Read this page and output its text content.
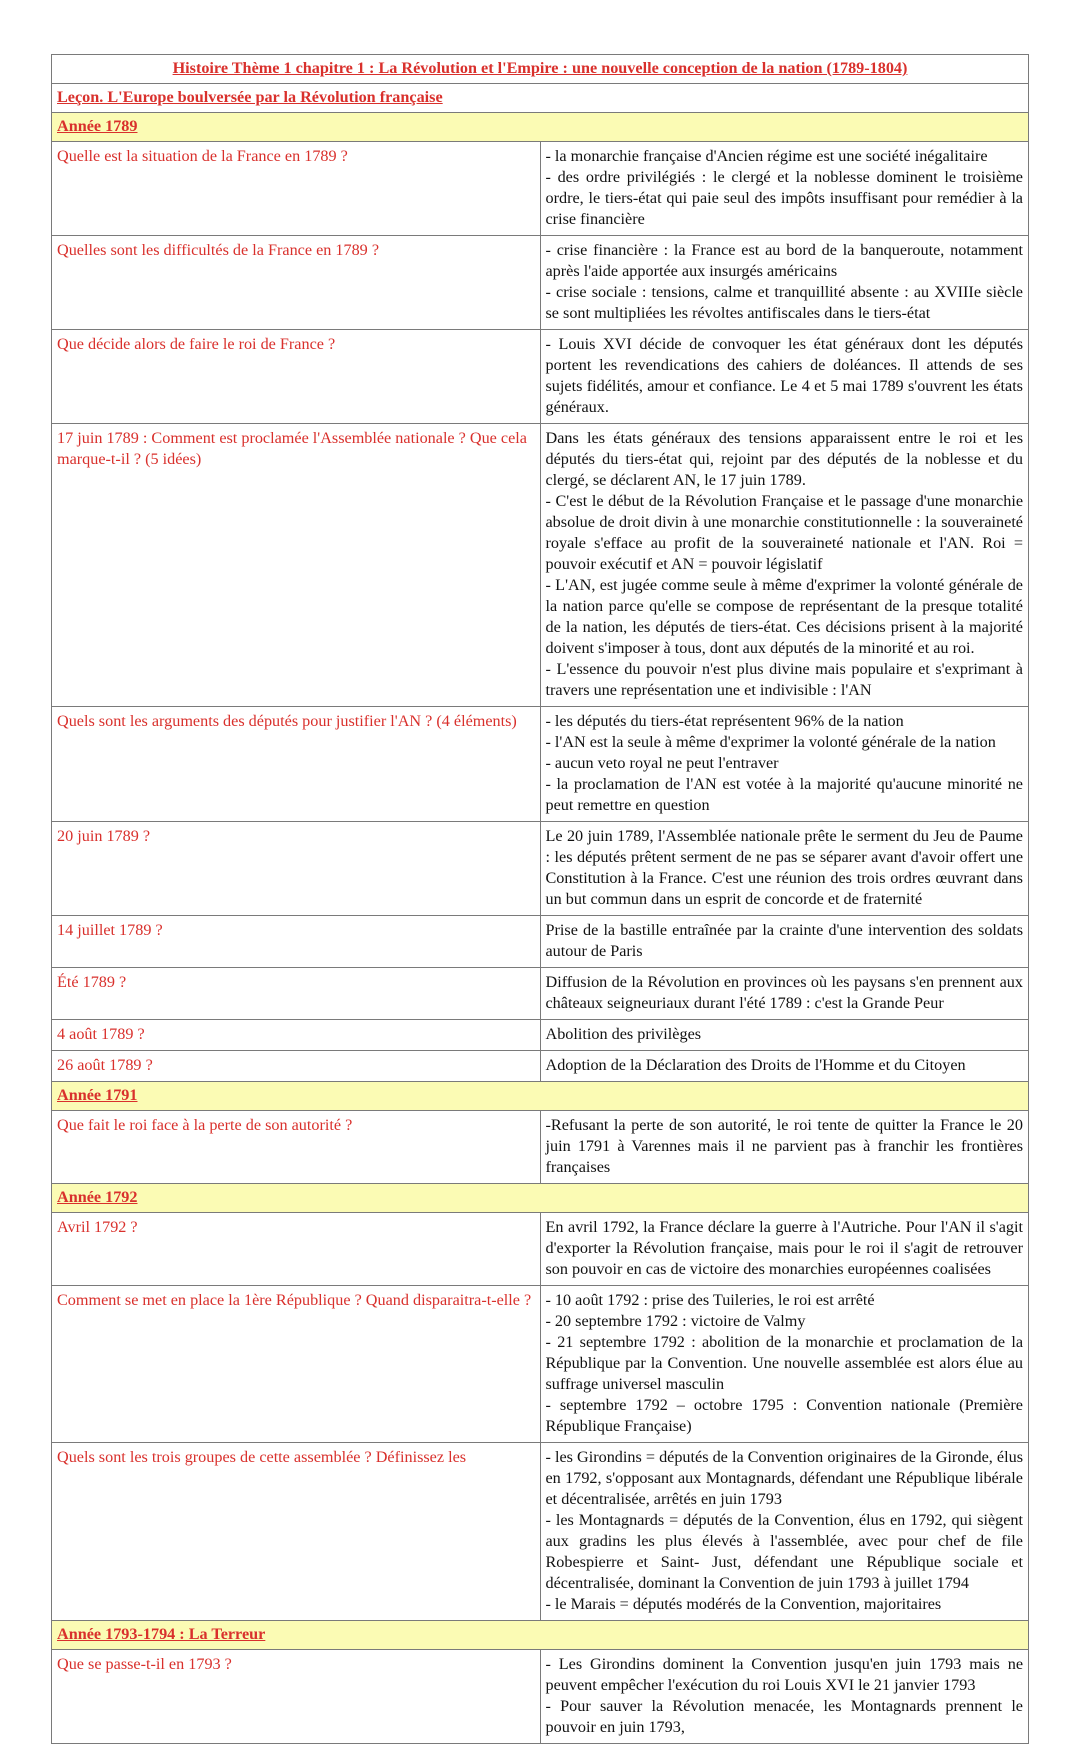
Histoire Thème 1 chapitre 1 : La Révolution et l'Empire : une nouvelle conception de la nation (1789-1804)	
Leçon. L'Europe boulversée par la Révolution française	
Année 1789	
Quelle est la situation de la France en 1789 ?	- la monarchie française d'Ancien régime est une société inégalitaire
- des ordre privilégiés : le clergé et la noblesse dominent le troisième ordre, le tiers-état qui paie seul des impôts insuffisant pour remédier à la crise financière

Quelles sont les difficultés de la France en 1789 ?	- crise financière : la France est au bord de la banqueroute, notamment après l'aide apportée aux insurgés américains
- crise sociale : tensions, calme et tranquillité absente : au XVIIIe siècle se sont multipliées les révoltes antifiscales dans le tiers-état

Que décide alors de faire le roi de France ?	- Louis XVI décide de convoquer les état généraux dont les députés portent les revendications des cahiers de doléances. Il attends de ses sujets fidélités, amour et confiance. Le 4 et 5 mai 1789 s'ouvrent les états généraux.

17 juin 1789 : Comment est proclamée l'Assemblée nationale ? Que cela marque-t-il ? (5 idées)	Dans les états généraux des tensions apparaissent entre le roi et les députés du tiers-état qui, rejoint par des députés de la noblesse et du clergé, se déclarent AN, le 17 juin 1789.
- C'est le début de la Révolution Française et le passage d'une monarchie absolue de droit divin à une monarchie constitutionnelle : la souveraineté royale s'efface au profit de la souveraineté nationale et l'AN. Roi = pouvoir exécutif et AN = pouvoir législatif
- L'AN, est jugée comme seule à même d'exprimer la volonté générale de la nation parce qu'elle se compose de représentant de la presque totalité de la nation, les députés de tiers-état. Ces décisions prisent à la majorité doivent s'imposer à tous, dont aux députés de la minorité et au roi.
- L'essence du pouvoir n'est plus divine mais populaire et s'exprimant à travers une représentation une et indivisible : l'AN

Quels sont les arguments des députés pour justifier l'AN ? (4 éléments)	- les députés du tiers-état représentent 96% de la nation
- l'AN est la seule à même d'exprimer la volonté générale de la nation
- aucun veto royal ne peut l'entraver
- la proclamation de l'AN est votée à la majorité qu'aucune minorité ne peut remettre en question

20 juin 1789 ?	Le 20 juin 1789, l'Assemblée nationale prête le serment du Jeu de Paume : les députés prêtent serment de ne pas se séparer avant d'avoir offert une Constitution à la France. C'est une réunion des trois ordres œuvrant dans un but commun dans un esprit de concorde et de fraternité

14 juillet 1789 ?	Prise de la bastille entraînée par la crainte d'une intervention des soldats autour de Paris

Été 1789 ?	Diffusion de la Révolution en provinces où les paysans s'en prennent aux châteaux seigneuriaux durant l'été 1789 : c'est la Grande Peur

4 août 1789 ?	Abolition des privilèges

26 août 1789 ?	Adoption de la Déclaration des Droits de l'Homme et du Citoyen

Année 1791	
Que fait le roi face à la perte de son autorité ?	-Refusant la perte de son autorité, le roi tente de quitter la France le 20 juin 1791 à Varennes mais il ne parvient pas à franchir les frontières françaises

Année 1792	
Avril 1792 ?	En avril 1792, la France déclare la guerre à l'Autriche. Pour l'AN il s'agit d'exporter la Révolution française, mais pour le roi il s'agit de retrouver son pouvoir en cas de victoire des monarchies européennes coalisées

Comment se met en place la 1ère République ? Quand disparaitra-t-elle ?	- 10 août 1792 : prise des Tuileries, le roi est arrêté
- 20 septembre 1792 : victoire de Valmy
- 21 septembre 1792 : abolition de la monarchie et proclamation de la République par la Convention. Une nouvelle assemblée est alors élue au suffrage universel masculin
- septembre 1792 – octobre 1795 : Convention nationale (Première République Française)

Quels sont les trois groupes de cette assemblée ? Définissez les	- les Girondins = députés de la Convention originaires de la Gironde, élus en 1792, s'opposant aux Montagnards, défendant une République libérale et décentralisée, arrêtés en juin 1793
- les Montagnards = députés de la Convention, élus en 1792, qui siègent aux gradins les plus élevés à l'assemblée, avec pour chef de file Robespierre et Saint- Just, défendant une République sociale et décentralisée, dominant la Convention de juin 1793 à juillet 1794
- le Marais = députés modérés de la Convention, majoritaires

Année 1793-1794 : La Terreur	
Que se passe-t-il en 1793 ?	- Les Girondins dominent la Convention jusqu'en juin 1793 mais ne peuvent empêcher l'exécution du roi Louis XVI le 21 janvier 1793
- Pour sauver la Révolution menacée, les Montagnards prennent le pouvoir en juin 1793,
